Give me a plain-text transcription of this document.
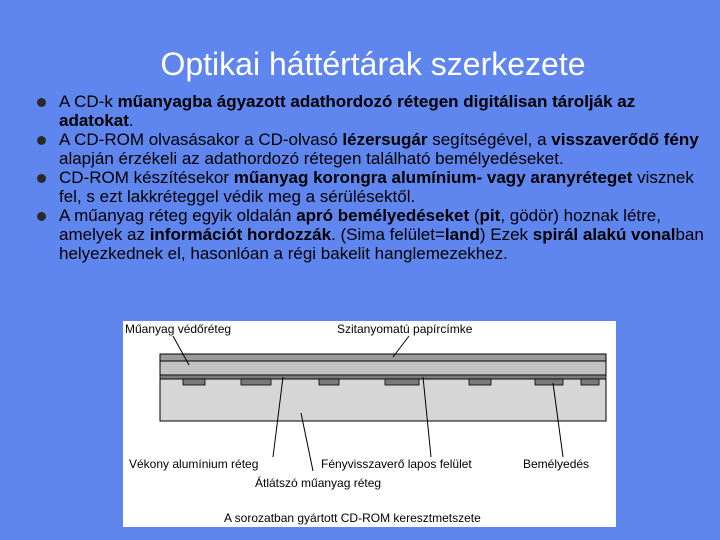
Optikai háttértárak szerkezete
A CD-k műanyagba ágyazott adathordozó rétegen digitálisan tárolják az adatokat.
A CD-ROM olvasásakor a CD-olvasó lézersugár segítségével, a visszaverődő fény alapján érzékeli az adathordozó rétegen található bemélyedéseket.
CD-ROM készítésekor műanyag korongra alumínium- vagy aranyréteget visznek fel, s ezt lakkréteggel védik meg a sérülésektől.
A műanyag réteg egyik oldalán apró bemélyedéseket (pit, gödör) hoznak létre, amelyek az információt hordozzák. (Sima felület=land) Ezek spirál alakú vonalban helyezkednek el, hasonlóan a régi bakelit hanglemezekhez.
Műanyag védőréteg	Szitanyomatú papírcímke
Vékony alumínium réteg	Fényvisszaverő lapos felület	Bemélyedés
Átlátszó műanyag réteg
A sorozatban gyártott CD-ROM keresztmetszete
